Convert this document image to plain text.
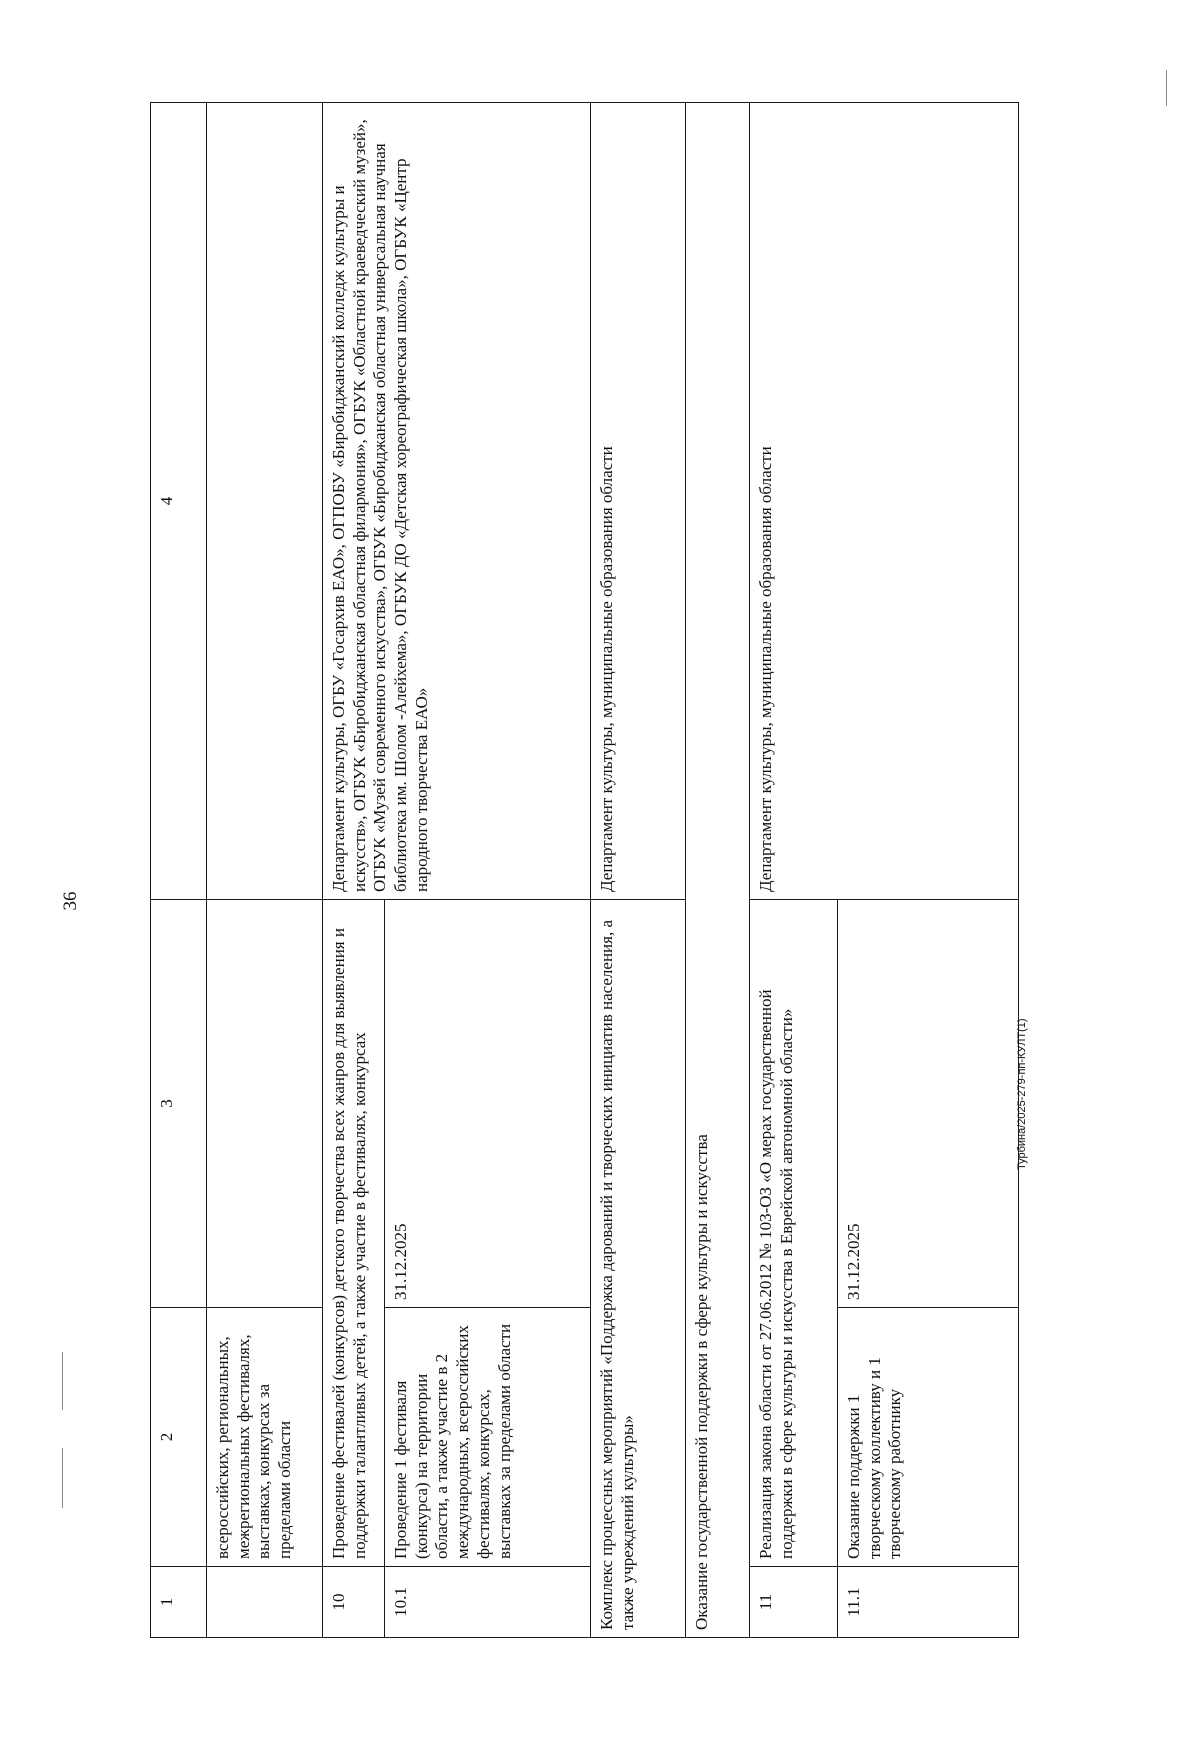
36
1	2	3	4
	всероссийских, региональных, межрегиональных фестивалях, выставках, конкурсах за пределами области		
10	Проведение фестивалей (конкурсов) детского творчества всех жанров для выявления и поддержки талантливых детей, а также участие в фестивалях, конкурсах		Департамент культуры, ОГБУ «Госархив ЕАО», ОГПОБУ «Биробиджанский колледж культуры и искусств», ОГБУК «Биробиджанская областная филармония», ОГБУК «Областной краеведческий музей», ОГБУК «Музей современного искусства», ОГБУК «Биробиджанская областная универсальная научная библиотека им. Шолом -Алейхема», ОГБУК ДО «Детская хореографическая школа», ОГБУК «Центр народного творчества ЕАО»
10.1	Проведение 1 фестиваля (конкурса) на территории области, а также участие в 2 международных, всероссийских фестивалях, конкурсах, выставках за пределами области	31.12.2025	
Комплекс процессных мероприятий «Поддержка дарований и творческих инициатив населения, а также учреждений культуры»			Департамент культуры, муниципальные образования области
Оказание государственной поддержки в сфере культуры и искусства			
11	Реализация закона области от 27.06.2012 № 103-ОЗ «О мерах государственной поддержки в сфере культуры и искусства в Еврейской автономной области»		Департамент культуры, муниципальные образования области
11.1	Оказание поддержки 1 творческому коллективу и 1 творческому работнику	31.12.2025	
Турбина/2025-279-пп-КУЛТ(1)
